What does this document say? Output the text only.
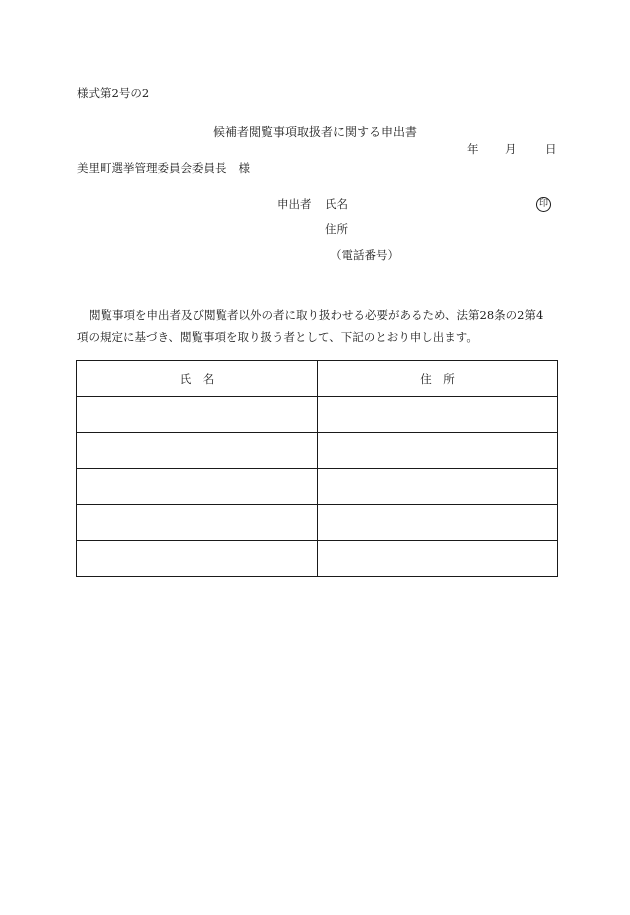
様式第2号の2
候補者閲覧事項取扱者に関する申出書
年 月 日
美里町選挙管理委員会委員長 様
申出者 氏名	印
住所
（電話番号）
閲覧事項を申出者及び閲覧者以外の者に取り扱わせる必要があるため、法第28条の2第4
項の規定に基づき、閲覧事項を取り扱う者として、下記のとおり申し出ます。
氏　名	住　所
